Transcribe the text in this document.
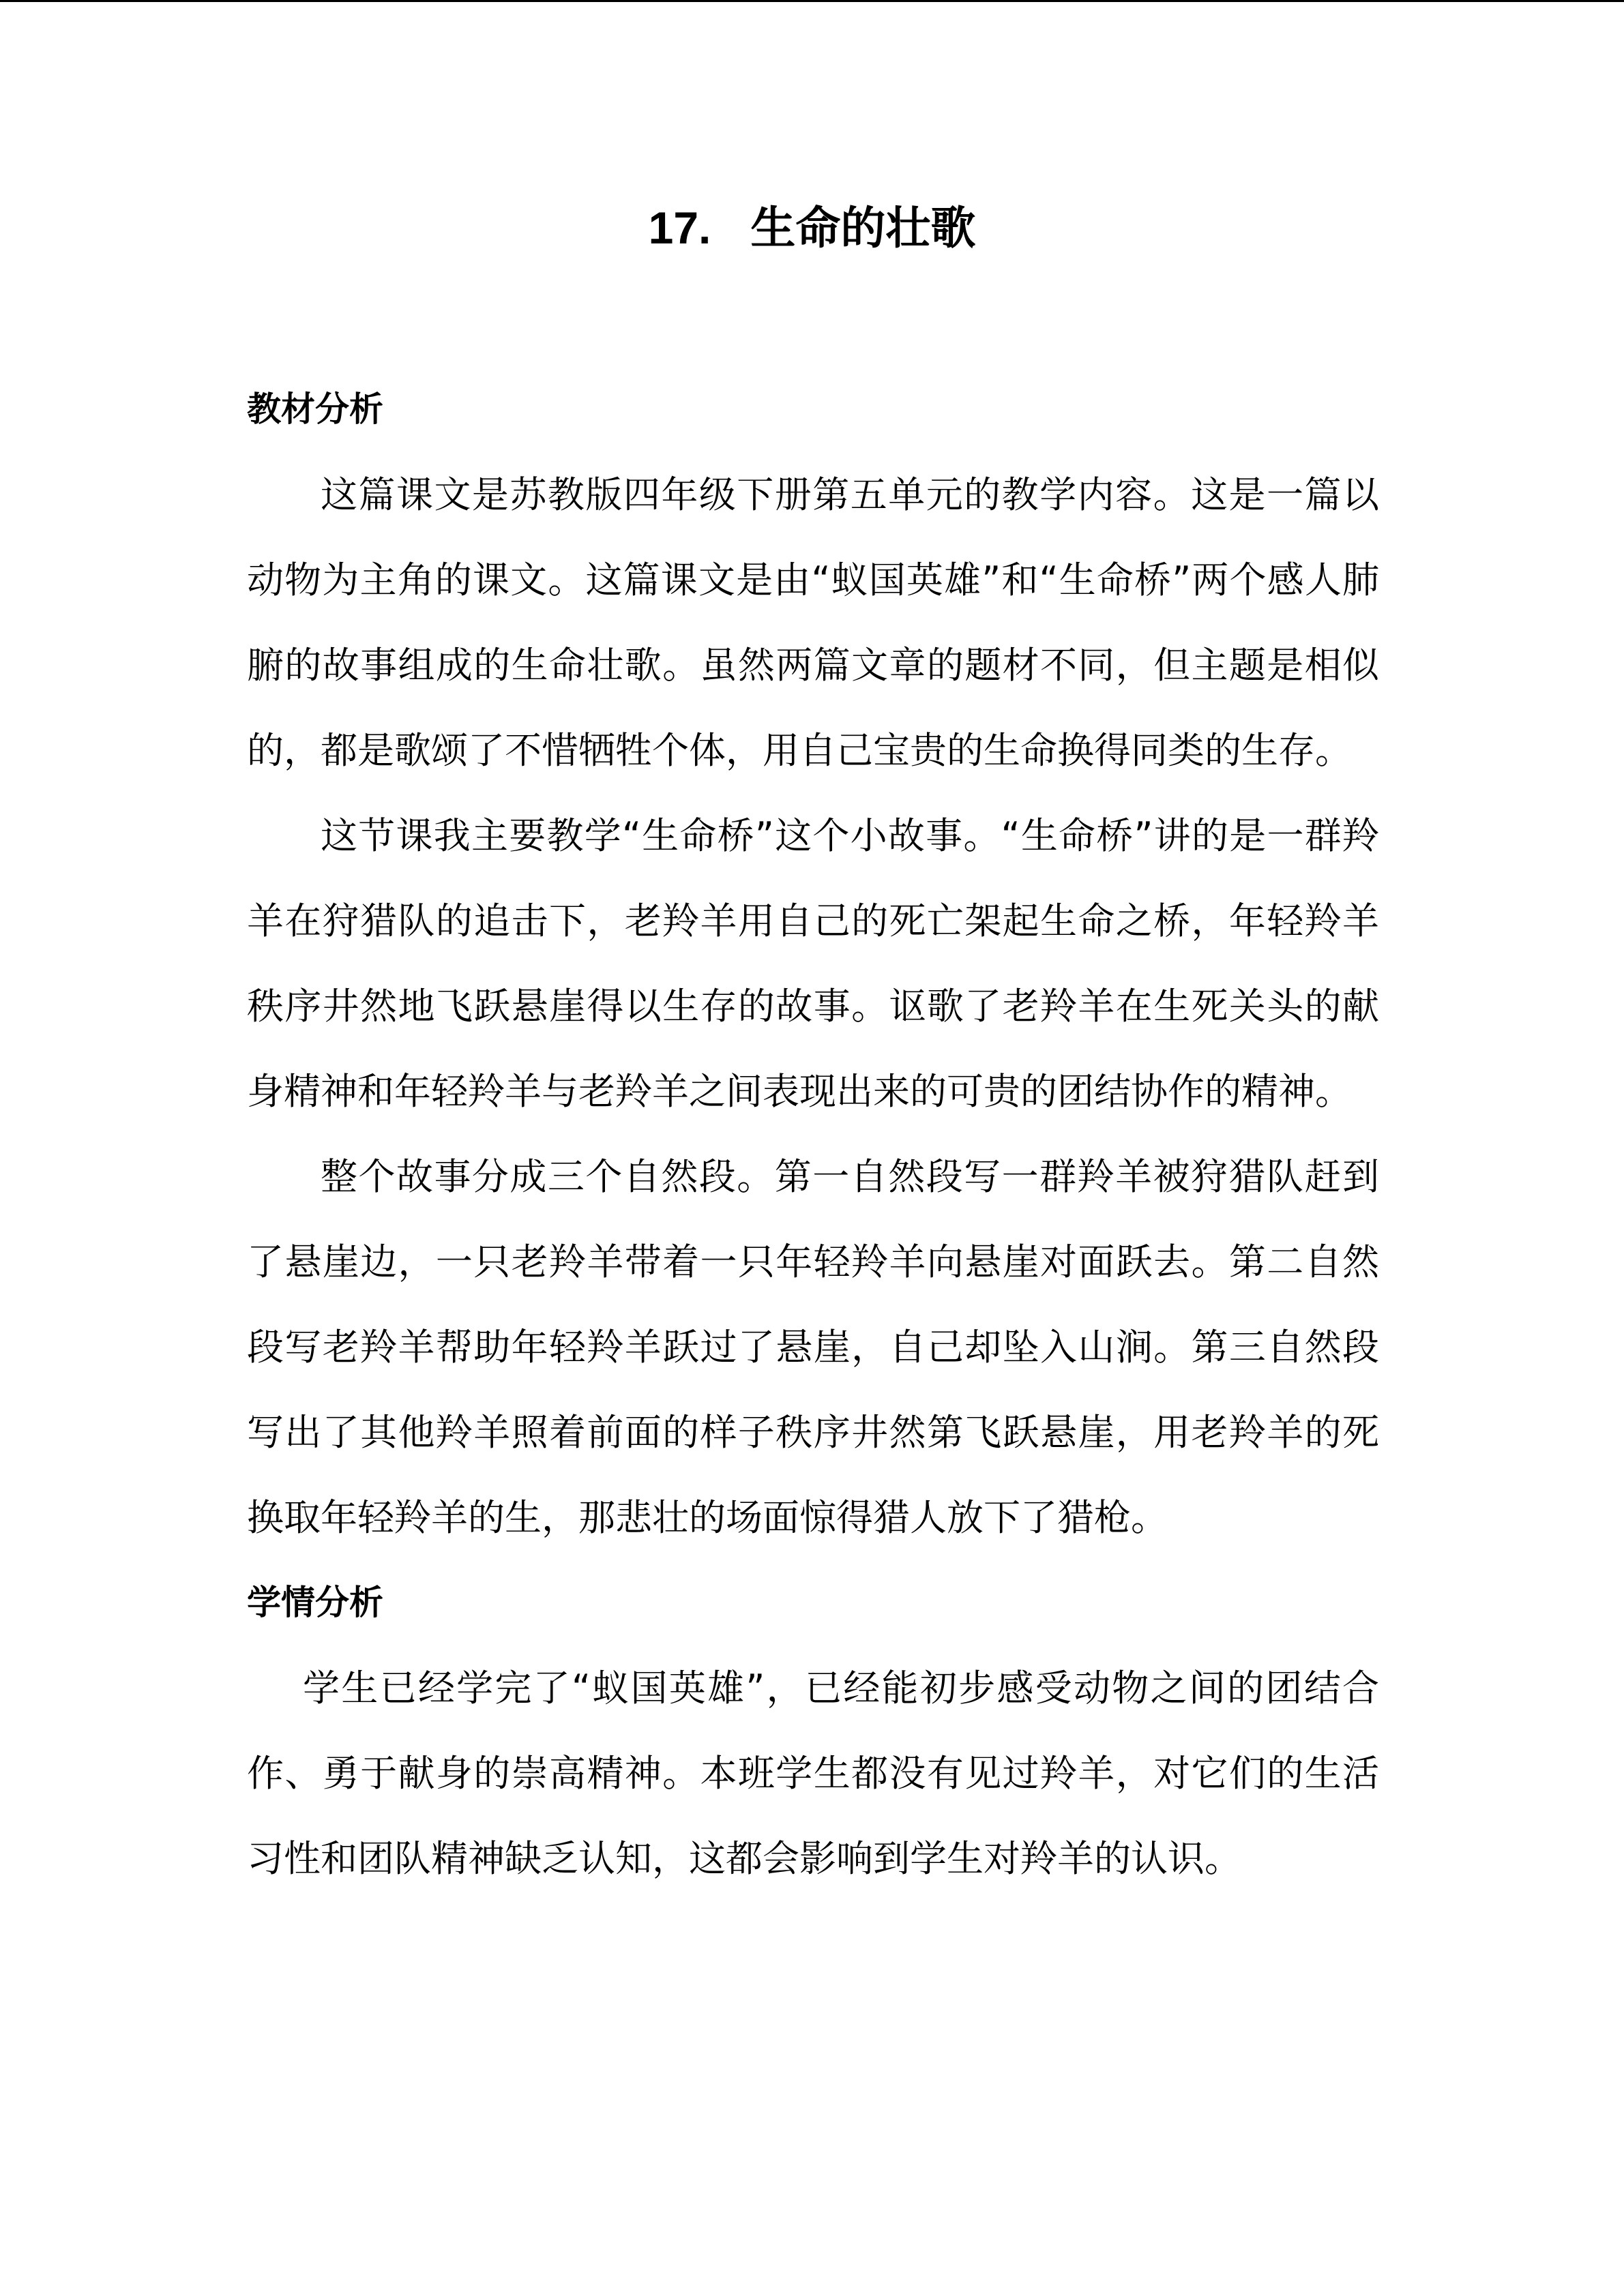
17. 生命的壮歌
教材分析

这篇课文是苏教版四年级下册第五单元的教学内容。这是一篇以动物为主角的课文。这篇课文是由“蚁国英雄”和“生命桥”两个感人肺腑的故事组成的生命壮歌。虽然两篇文章的题材不同，但主题是相似的，都是歌颂了不惜牺牲个体，用自己宝贵的生命换得同类的生存。

这节课我主要教学“生命桥”这个小故事。“生命桥”讲的是一群羚羊在狩猎队的追击下，老羚羊用自己的死亡架起生命之桥，年轻羚羊秩序井然地飞跃悬崖得以生存的故事。讴歌了老羚羊在生死关头的献身精神和年轻羚羊与老羚羊之间表现出来的可贵的团结协作的精神。

整个故事分成三个自然段。第一自然段写一群羚羊被狩猎队赶到了悬崖边，一只老羚羊带着一只年轻羚羊向悬崖对面跃去。第二自然段写老羚羊帮助年轻羚羊跃过了悬崖，自己却坠入山涧。第三自然段写出了其他羚羊照着前面的样子秩序井然第飞跃悬崖，用老羚羊的死换取年轻羚羊的生，那悲壮的场面惊得猎人放下了猎枪。

学情分析

学生已经学完了“蚁国英雄”，已经能初步感受动物之间的团结合作、勇于献身的崇高精神。本班学生都没有见过羚羊，对它们的生活习性和团队精神缺乏认知，这都会影响到学生对羚羊的认识。
